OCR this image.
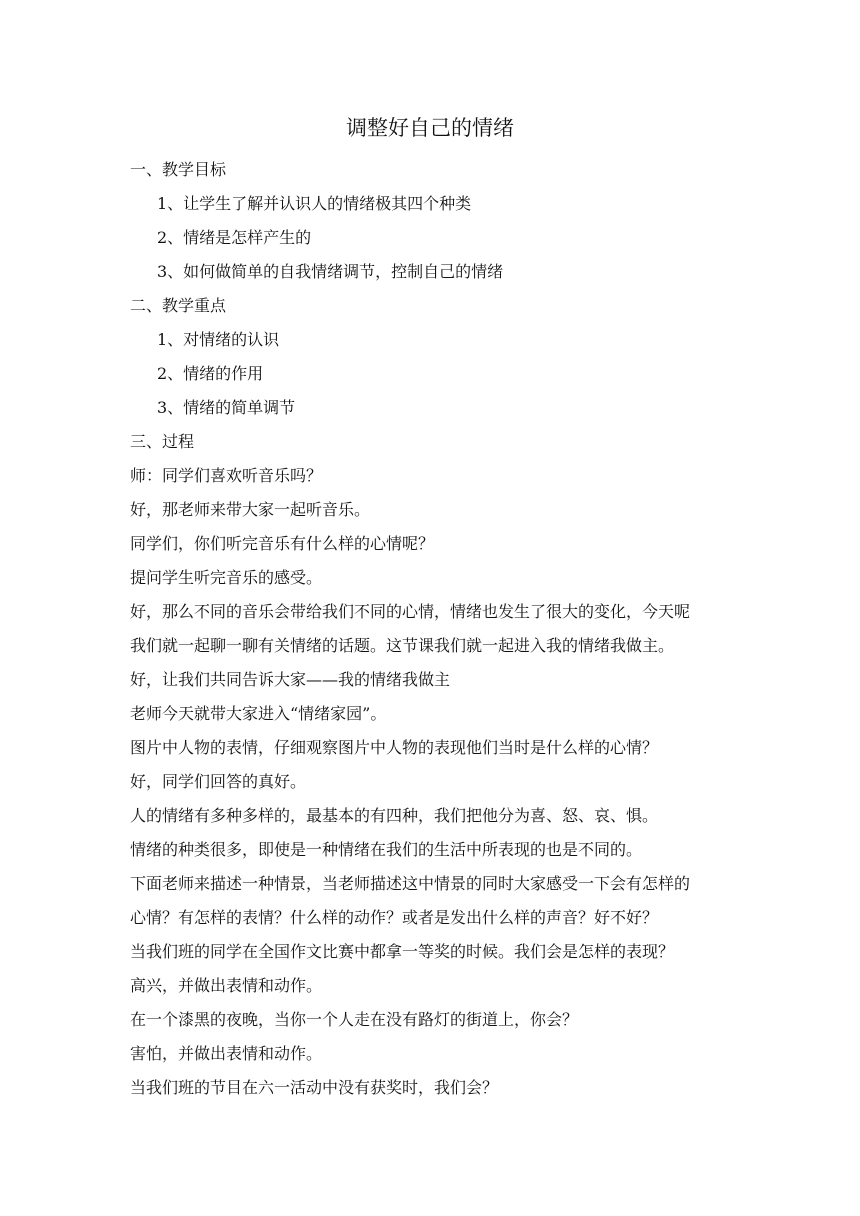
调整好自己的情绪
一、教学目标
1、让学生了解并认识人的情绪极其四个种类
2、情绪是怎样产生的
3、如何做简单的自我情绪调节，控制自己的情绪
二、教学重点
1、对情绪的认识
2、情绪的作用
3、情绪的简单调节
三、过程
师：同学们喜欢听音乐吗？
好，那老师来带大家一起听音乐。
同学们，你们听完音乐有什么样的心情呢？
提问学生听完音乐的感受。
好，那么不同的音乐会带给我们不同的心情，情绪也发生了很大的变化，今天呢
我们就一起聊一聊有关情绪的话题。这节课我们就一起进入我的情绪我做主。
好，让我们共同告诉大家——我的情绪我做主
老师今天就带大家进入“情绪家园”。
图片中人物的表情，仔细观察图片中人物的表现他们当时是什么样的心情？
好，同学们回答的真好。
人的情绪有多种多样的，最基本的有四种，我们把他分为喜、怒、哀、惧。
情绪的种类很多，即使是一种情绪在我们的生活中所表现的也是不同的。
下面老师来描述一种情景，当老师描述这中情景的同时大家感受一下会有怎样的
心情？有怎样的表情？什么样的动作？或者是发出什么样的声音？好不好？
当我们班的同学在全国作文比赛中都拿一等奖的时候。我们会是怎样的表现？
高兴，并做出表情和动作。
在一个漆黑的夜晚，当你一个人走在没有路灯的街道上，你会？
害怕，并做出表情和动作。
当我们班的节目在六一活动中没有获奖时，我们会？
